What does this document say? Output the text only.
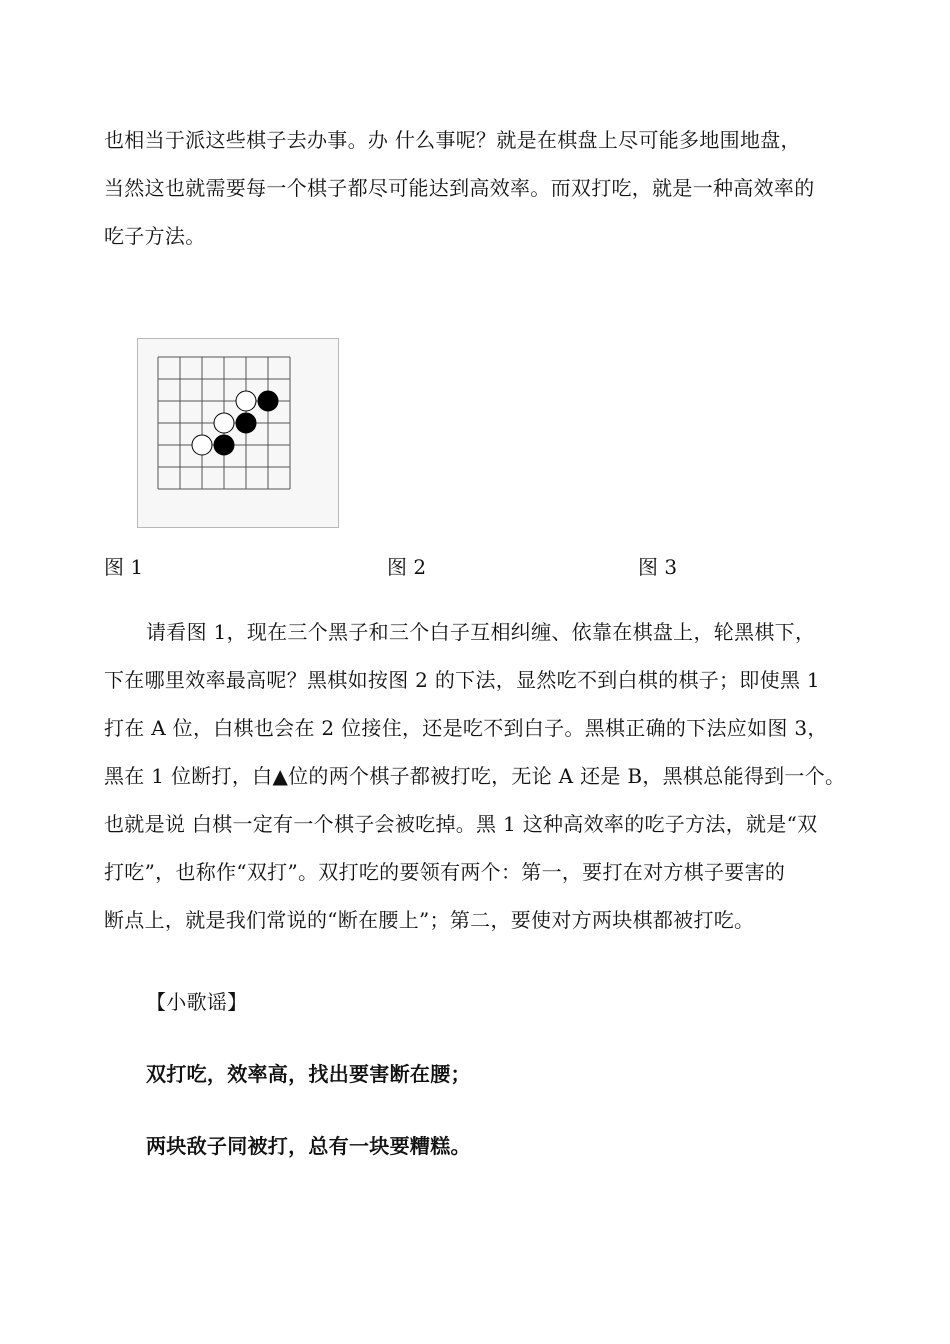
也相当于派这些棋子去办事。办 什么事呢？就是在棋盘上尽可能多地围地盘，
当然这也就需要每一个棋子都尽可能达到高效率。而双打吃，就是一种高效率的
吃子方法。
图 1	图 2	图 3
请看图 1，现在三个黑子和三个白子互相纠缠、依靠在棋盘上，轮黑棋下，
下在哪里效率最高呢？黑棋如按图 2 的下法，显然吃不到白棋的棋子；即使黑 1
打在 A 位，白棋也会在 2 位接住，还是吃不到白子。黑棋正确的下法应如图 3，
黑在 1 位断打，白▲位的两个棋子都被打吃，无论 A 还是 B，黑棋总能得到一个。
也就是说 白棋一定有一个棋子会被吃掉。黑 1 这种高效率的吃子方法，就是“双
打吃”，也称作“双打”。双打吃的要领有两个：第一，要打在对方棋子要害的
断点上，就是我们常说的“断在腰上”；第二，要使对方两块棋都被打吃。
【小歌谣】
双打吃，效率高，找出要害断在腰；
两块敌子同被打，总有一块要糟糕。
